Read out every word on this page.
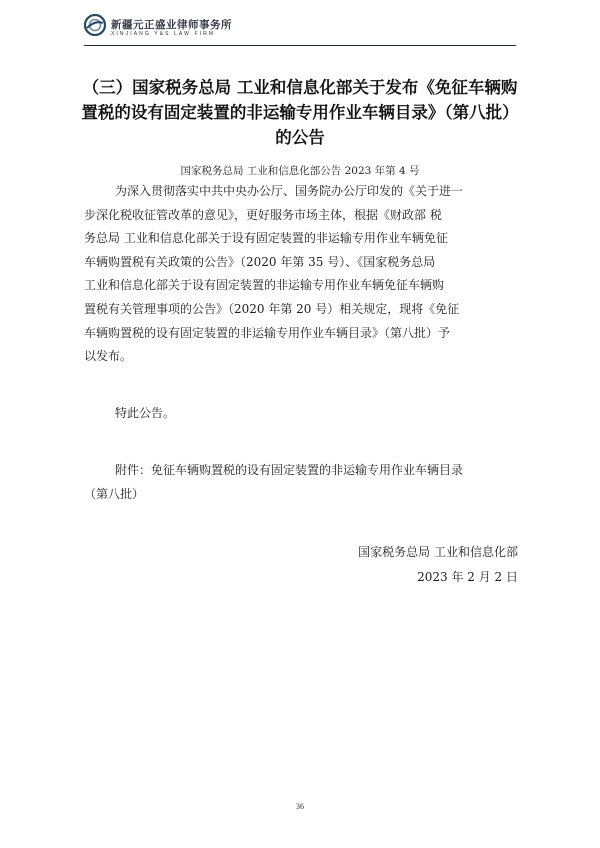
新疆元正盛业律师事务所
XINJIANG Y&S LAW FIRM
（三）国家税务总局 工业和信息化部关于发布《免征车辆购
置税的设有固定装置的非运输专用作业车辆目录》（第八批）
的公告
国家税务总局 工业和信息化部公告 2023 年第 4 号
为深入贯彻落实中共中央办公厅、国务院办公厅印发的《关于进一
步深化税收征管改革的意见》，更好服务市场主体，根据《财政部 税
务总局 工业和信息化部关于设有固定装置的非运输专用作业车辆免征
车辆购置税有关政策的公告》（2020 年第 35 号）、《国家税务总局
工业和信息化部关于设有固定装置的非运输专用作业车辆免征车辆购
置税有关管理事项的公告》（2020 年第 20 号）相关规定，现将《免征
车辆购置税的设有固定装置的非运输专用作业车辆目录》（第八批）予
以发布。
特此公告。
附件：免征车辆购置税的设有固定装置的非运输专用作业车辆目录
（第八批）
国家税务总局 工业和信息化部
2023 年 2 月 2 日
36
